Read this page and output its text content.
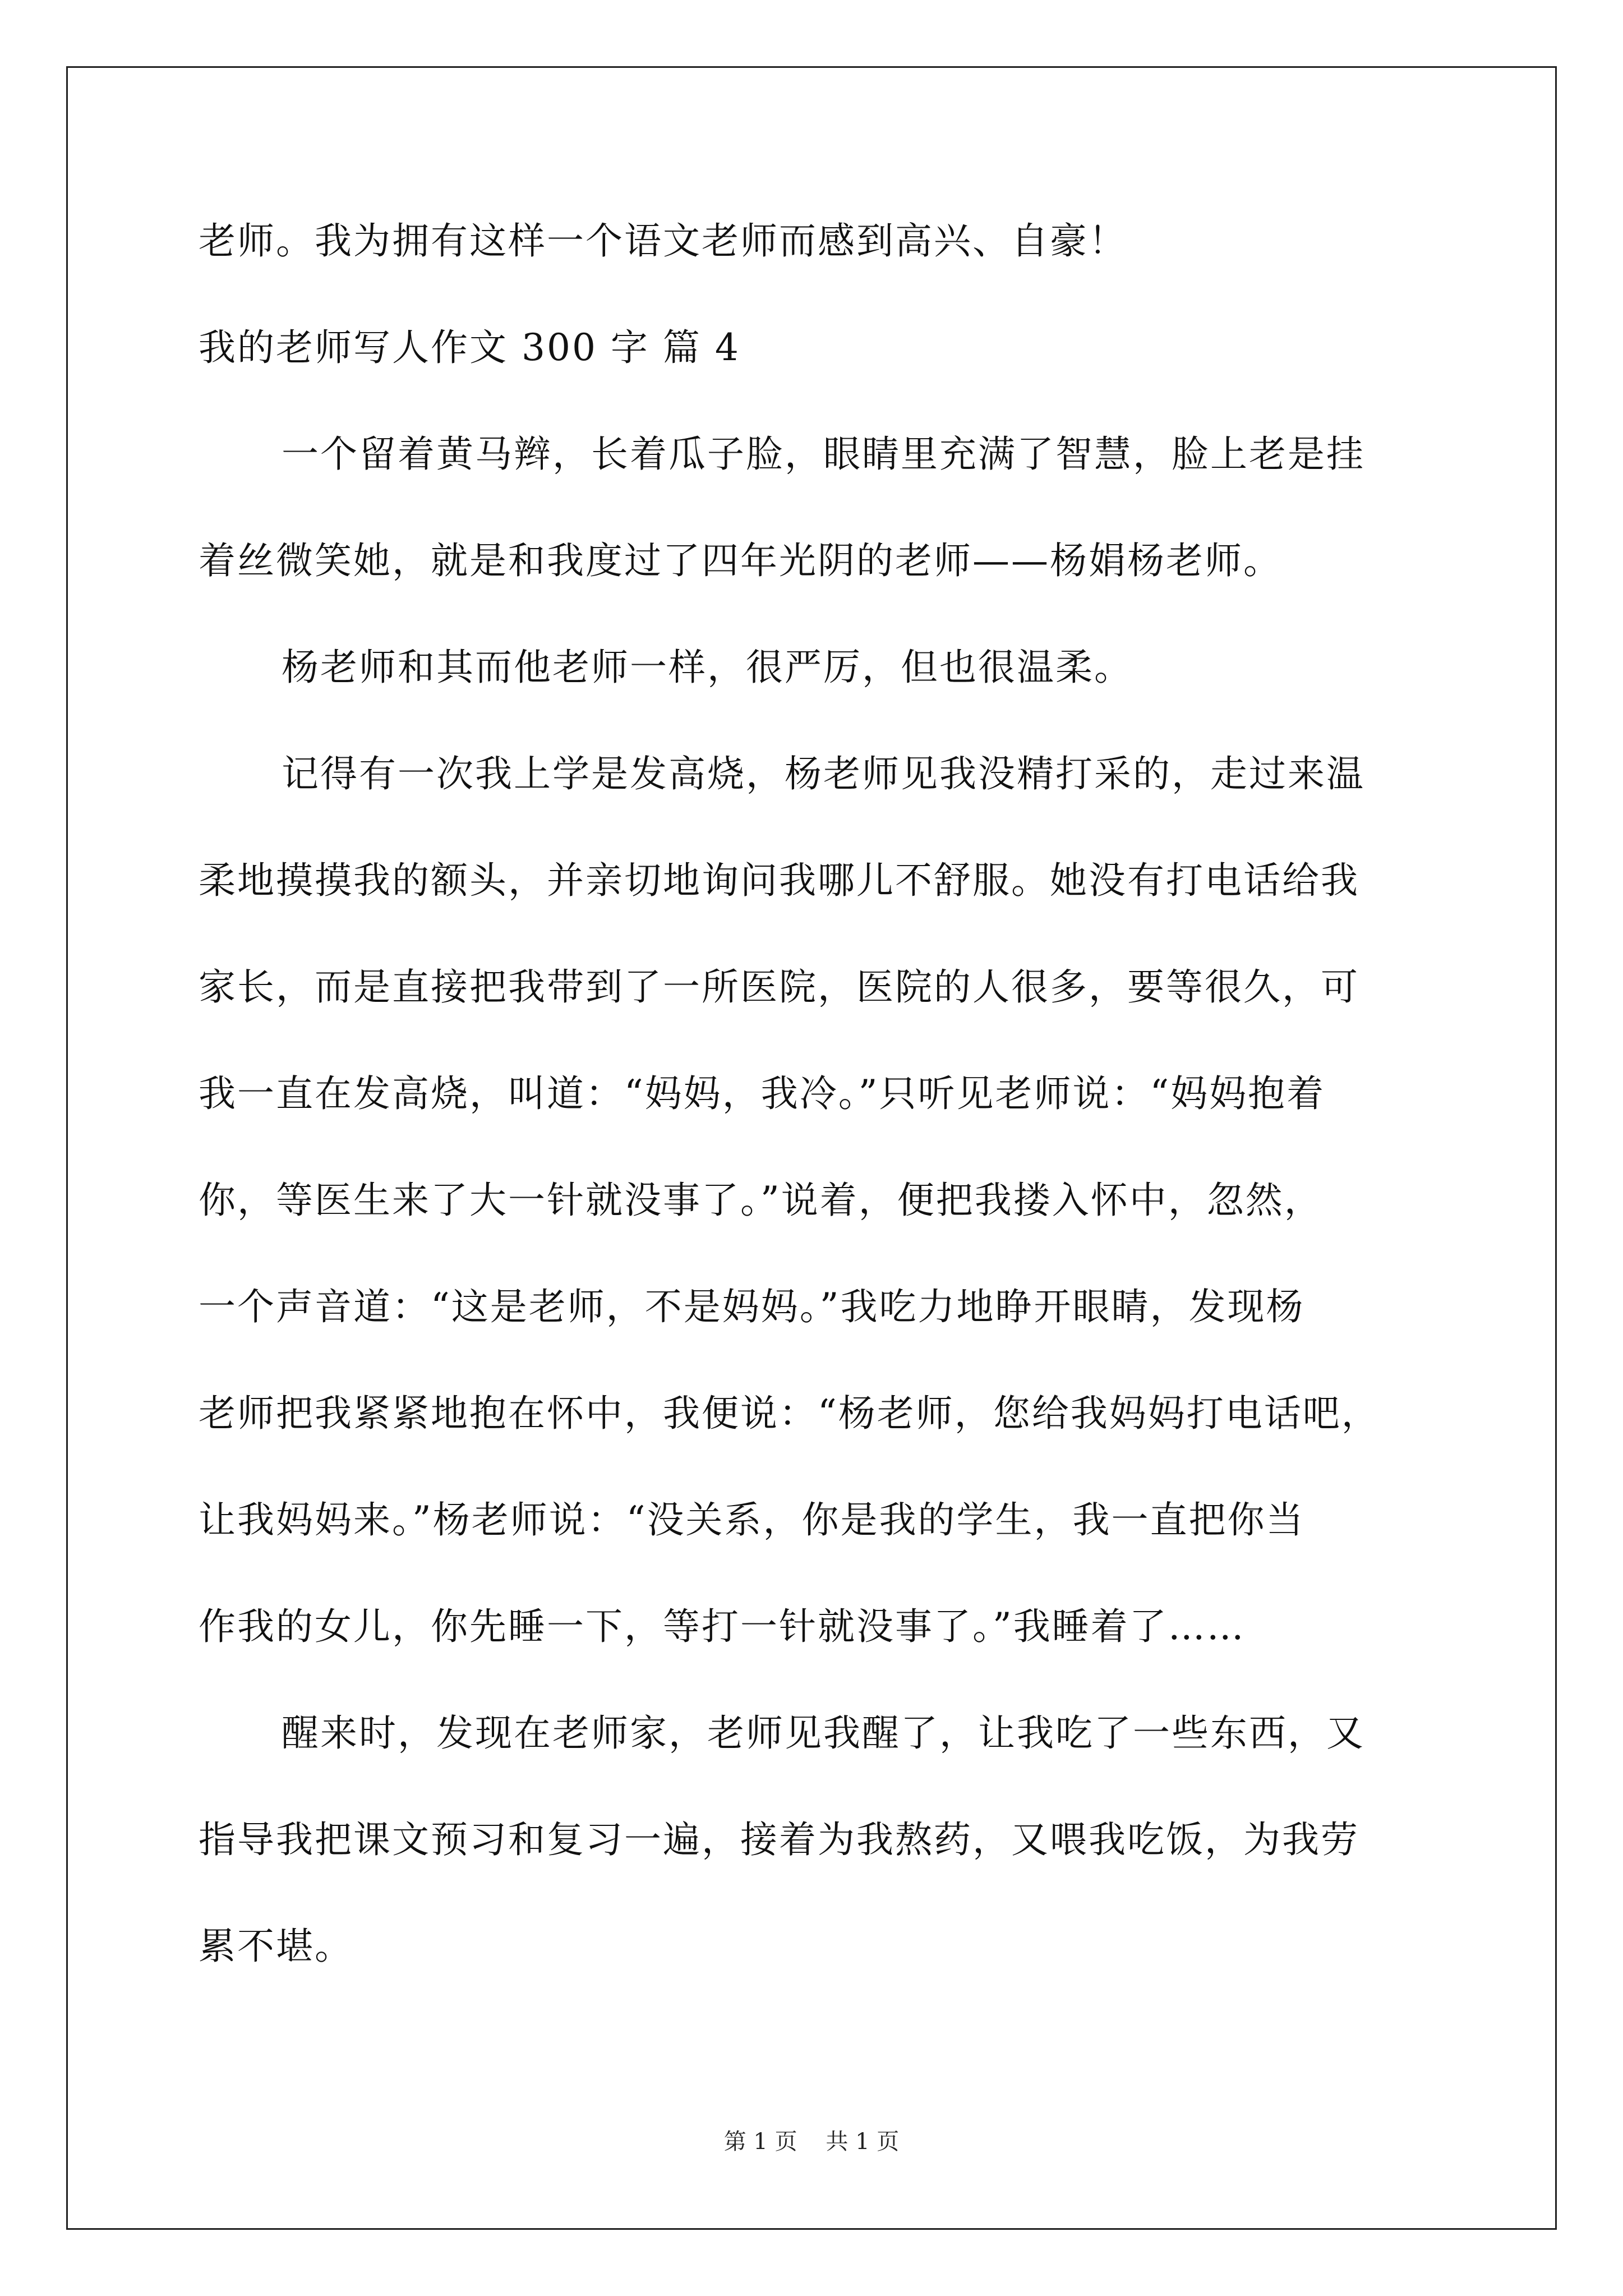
老师。我为拥有这样一个语文老师而感到高兴、自豪！
我的老师写人作文 300 字 篇 4
一个留着黄马辫，长着瓜子脸，眼睛里充满了智慧，脸上老是挂
着丝微笑她，就是和我度过了四年光阴的老师——杨娟杨老师。
杨老师和其而他老师一样，很严厉，但也很温柔。
记得有一次我上学是发高烧，杨老师见我没精打采的，走过来温
柔地摸摸我的额头，并亲切地询问我哪儿不舒服。她没有打电话给我
家长，而是直接把我带到了一所医院，医院的人很多，要等很久，可
我一直在发高烧，叫道：“妈妈，我冷。”只听见老师说：“妈妈抱着
你，等医生来了大一针就没事了。”说着，便把我搂入怀中，忽然，
一个声音道：“这是老师，不是妈妈。”我吃力地睁开眼睛，发现杨
老师把我紧紧地抱在怀中，我便说：“杨老师，您给我妈妈打电话吧，
让我妈妈来。”杨老师说：“没关系，你是我的学生，我一直把你当
作我的女儿，你先睡一下，等打一针就没事了。”我睡着了……
醒来时，发现在老师家，老师见我醒了，让我吃了一些东西，又
指导我把课文预习和复习一遍，接着为我熬药，又喂我吃饭，为我劳
累不堪。
第 1 页    共 1 页
